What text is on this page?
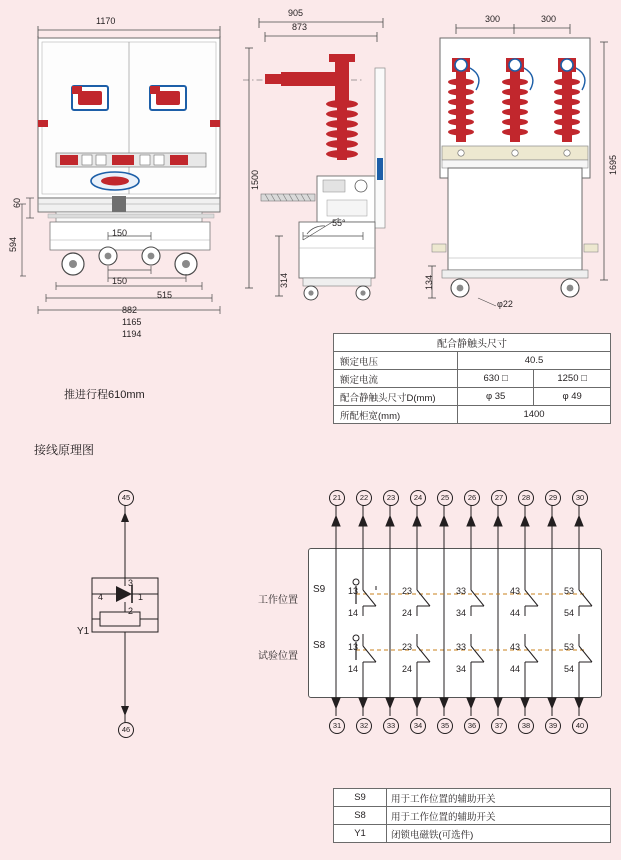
1170
882
1165
1194
150
150
515
594
60
推进行程610mm
905
873
1500
314
55°
300	300
1695
134
φ22
配合静触头尺寸		
额定电压	40.5	
额定电流	630 □	1250 □
配合静触头尺寸D(mm)	φ 35	φ 49
所配柜宽(mm)	1400	
接线原理图
45
46
3
1
4
2
Y1
21	22	23	24	25	26	27	28	29	30
31	32	33	34	35	36	37	38	39	40
S9
工作位置
13	23	33	43	53
14	24	34	44	54
S8
试验位置
13	23	33	43	53
14	24	34	44	54
S9	用于工作位置的辅助开关
S8	用于工作位置的辅助开关
Y1	闭锁电磁铁(可选件)
